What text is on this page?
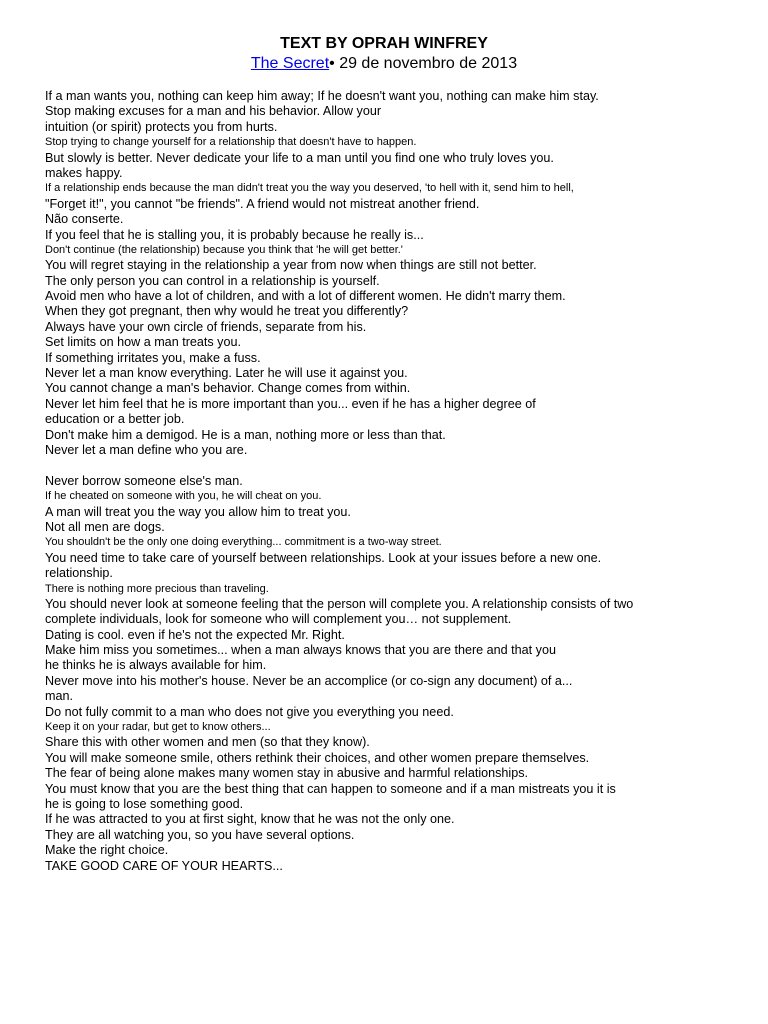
TEXT BY OPRAH WINFREY
The Secret• 29 de novembro de 2013
If a man wants you, nothing can keep him away; If he doesn't want you, nothing can make him stay.
Stop making excuses for a man and his behavior. Allow your
intuition (or spirit) protects you from hurts.
Stop trying to change yourself for a relationship that doesn't have to happen.
But slowly is better. Never dedicate your life to a man until you find one who truly loves you.
makes happy.
If a relationship ends because the man didn't treat you the way you deserved, 'to hell with it, send him to hell,
"Forget it!", you cannot "be friends". A friend would not mistreat another friend.
Não conserte.
If you feel that he is stalling you, it is probably because he really is...
Don't continue (the relationship) because you think that 'he will get better.'
You will regret staying in the relationship a year from now when things are still not better.
The only person you can control in a relationship is yourself.
Avoid men who have a lot of children, and with a lot of different women. He didn't marry them.
When they got pregnant, then why would he treat you differently?
Always have your own circle of friends, separate from his.
Set limits on how a man treats you.
If something irritates you, make a fuss.
Never let a man know everything. Later he will use it against you.
You cannot change a man's behavior. Change comes from within.
Never let him feel that he is more important than you... even if he has a higher degree of
education or a better job.
Don't make him a demigod. He is a man, nothing more or less than that.
Never let a man define who you are.
Never borrow someone else's man.
If he cheated on someone with you, he will cheat on you.
A man will treat you the way you allow him to treat you.
Not all men are dogs.
You shouldn't be the only one doing everything... commitment is a two-way street.
You need time to take care of yourself between relationships. Look at your issues before a new one.
relationship.
There is nothing more precious than traveling.
You should never look at someone feeling that the person will complete you. A relationship consists of two
complete individuals, look for someone who will complement you… not supplement.
Dating is cool. even if he's not the expected Mr. Right.
Make him miss you sometimes... when a man always knows that you are there and that you
he thinks he is always available for him.
Never move into his mother's house. Never be an accomplice (or co-sign any document) of a...
man.
Do not fully commit to a man who does not give you everything you need.
Keep it on your radar, but get to know others...
Share this with other women and men (so that they know).
You will make someone smile, others rethink their choices, and other women prepare themselves.
The fear of being alone makes many women stay in abusive and harmful relationships.
You must know that you are the best thing that can happen to someone and if a man mistreats you it is
he is going to lose something good.
If he was attracted to you at first sight, know that he was not the only one.
They are all watching you, so you have several options.
Make the right choice.
TAKE GOOD CARE OF YOUR HEARTS...
